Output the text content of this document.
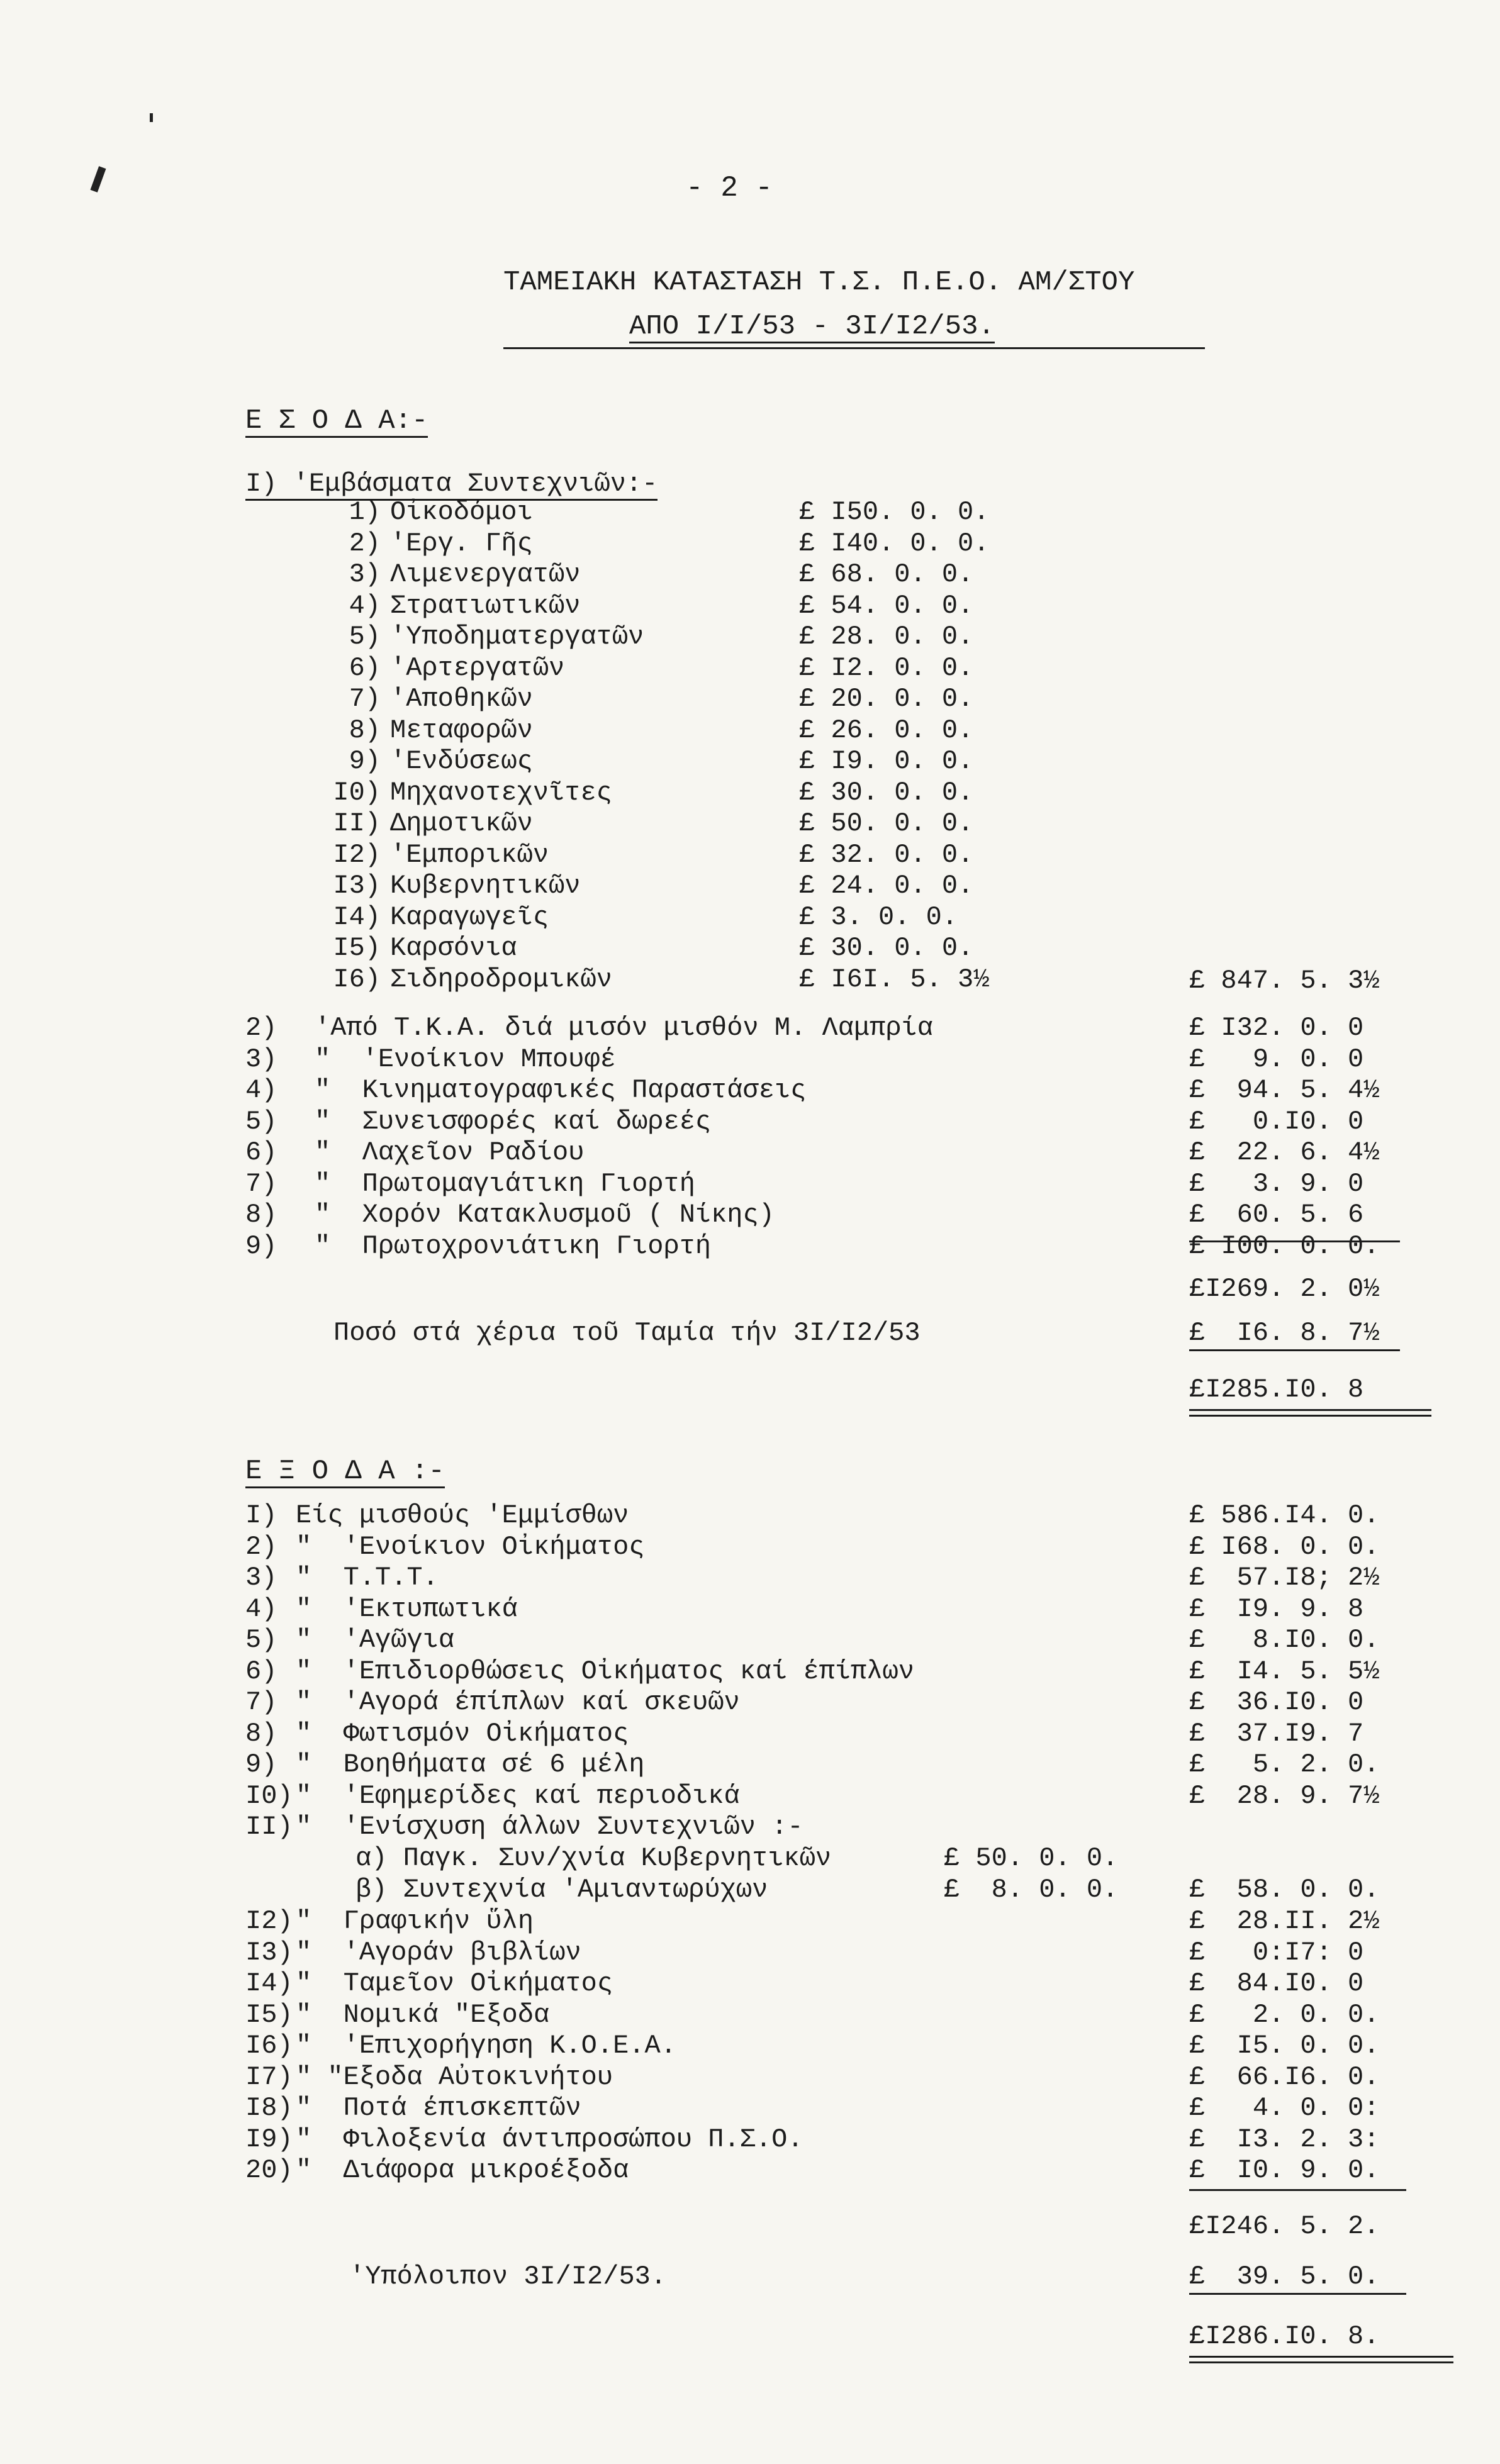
- 2 -
ΤΑΜΕΙΑΚΗ ΚΑΤΑΣΤΑΣΗ Τ.Σ. Π.Ε.Ο. ΑΜ/ΣΤΟΥ
ΑΠΟ Ι/Ι/53 - 3Ι/Ι2/53.
Ε Σ Ο Δ Α:-
Ι) 'Εμβάσματα Συντεχνιῶν:-
1) Οἰκοδόμοι	£ Ι50. 0. 0.
2) 'Εργ. Γῆς	£ Ι40. 0. 0.
3) Λιμενεργατῶν	£ 68. 0. 0.
4) Στρατιωτικῶν	£ 54. 0. 0.
5) 'Υποδηματεργατῶν	£ 28. 0. 0.
6) 'Αρτεργατῶν	£ Ι2. 0. 0.
7) 'Αποθηκῶν	£ 20. 0. 0.
8) Μεταφορῶν	£ 26. 0. 0.
9) 'Ενδύσεως	£ Ι9. 0. 0.
Ι0) Μηχανοτεχνῖτες	£ 30. 0. 0.
ΙΙ) Δημοτικῶν	£ 50. 0. 0.
Ι2) 'Εμπορικῶν	£ 32. 0. 0.
Ι3) Κυβερνητικῶν	£ 24. 0. 0.
Ι4) Καραγωγεῖς	£ 3. 0. 0.
Ι5) Καρσόνια	£ 30. 0. 0.
Ι6) Σιδηροδρομικῶν	£ Ι6Ι. 5. 3½	£ 847. 5. 3½
2) 'Από Τ.Κ.Α. διά μισόν μισθόν Μ. Λαμπρία	£ Ι32. 0. 0
3) "  'Ενοίκιον Μπουφέ	£   9. 0. 0
4) "  Κινηματογραφικές Παραστάσεις	£  94. 5. 4½
5) "  Συνεισφορές καί δωρεές	£   0.Ι0. 0
6) "  Λαχεῖον Ραδίου	£  22. 6. 4½
7) "  Πρωτομαγιάτικη Γιορτή	£   3. 9. 0
8) "  Χορόν Κατακλυσμοῦ ( Νίκης)	£  60. 5. 6
9) "  Πρωτοχρονιάτικη Γιορτή	£ Ι00. 0. 0.
£Ι269. 2. 0½
Ποσό στά χέρια τοῦ Ταμία τήν 3Ι/Ι2/53	£  Ι6. 8. 7½
£Ι285.Ι0. 8
Ε Ξ Ο Δ Α :-
Ι) Είς μισθούς 'Εμμίσθων	£ 586.Ι4. 0.
2) "  'Ενοίκιον Οἰκήματος	£ Ι68. 0. 0.
3) "  Τ.Τ.Τ.	£  57.Ι8; 2½
4) "  'Εκτυπωτικά	£  Ι9. 9. 8
5) "  'Αγῶγια	£   8.Ι0. 0.
6) "  'Επιδιορθώσεις Οἰκήματος καί έπίπλων	£  Ι4. 5. 5½
7) "  'Αγορά έπίπλων καί σκευῶν	£  36.Ι0. 0
8) "  Φωτισμόν Οἰκήματος	£  37.Ι9. 7
9) "  Βοηθήματα σέ 6 μέλη	£   5. 2. 0.
Ι0) "  'Εφημερίδες καί περιοδικά	£  28. 9. 7½
ΙΙ) "  'Ενίσχυση άλλων Συντεχνιῶν :-
α) Παγκ. Συν/χνία Κυβερνητικῶν	£ 50. 0. 0.
β) Συντεχνία 'Αμιαντωρύχων	£  8. 0. 0.	£  58. 0. 0.
Ι2) "  Γραφικήν ὕλη	£  28.ΙΙ. 2½
Ι3) "  'Αγοράν βιβλίων	£   0:Ι7: 0
Ι4) "  Ταμεῖον Οἰκήματος	£  84.Ι0. 0
Ι5) "  Νομικά "Εξοδα	£   2. 0. 0.
Ι6) "  'Επιχορήγηση Κ.Ο.Ε.Α.	£  Ι5. 0. 0.
Ι7) " "Εξοδα Αὐτοκινήτου	£  66.Ι6. 0.
Ι8) "  Ποτά έπισκεπτῶν	£   4. 0. 0:
Ι9) "  Φιλοξενία άντιπροσώπου Π.Σ.Ο.	£  Ι3. 2. 3:
20) "  Διάφορα μικροέξοδα	£  Ι0. 9. 0.
£Ι246. 5. 2.
'Υπόλοιπον 3Ι/Ι2/53.	£  39. 5. 0.
£Ι286.Ι0. 8.
